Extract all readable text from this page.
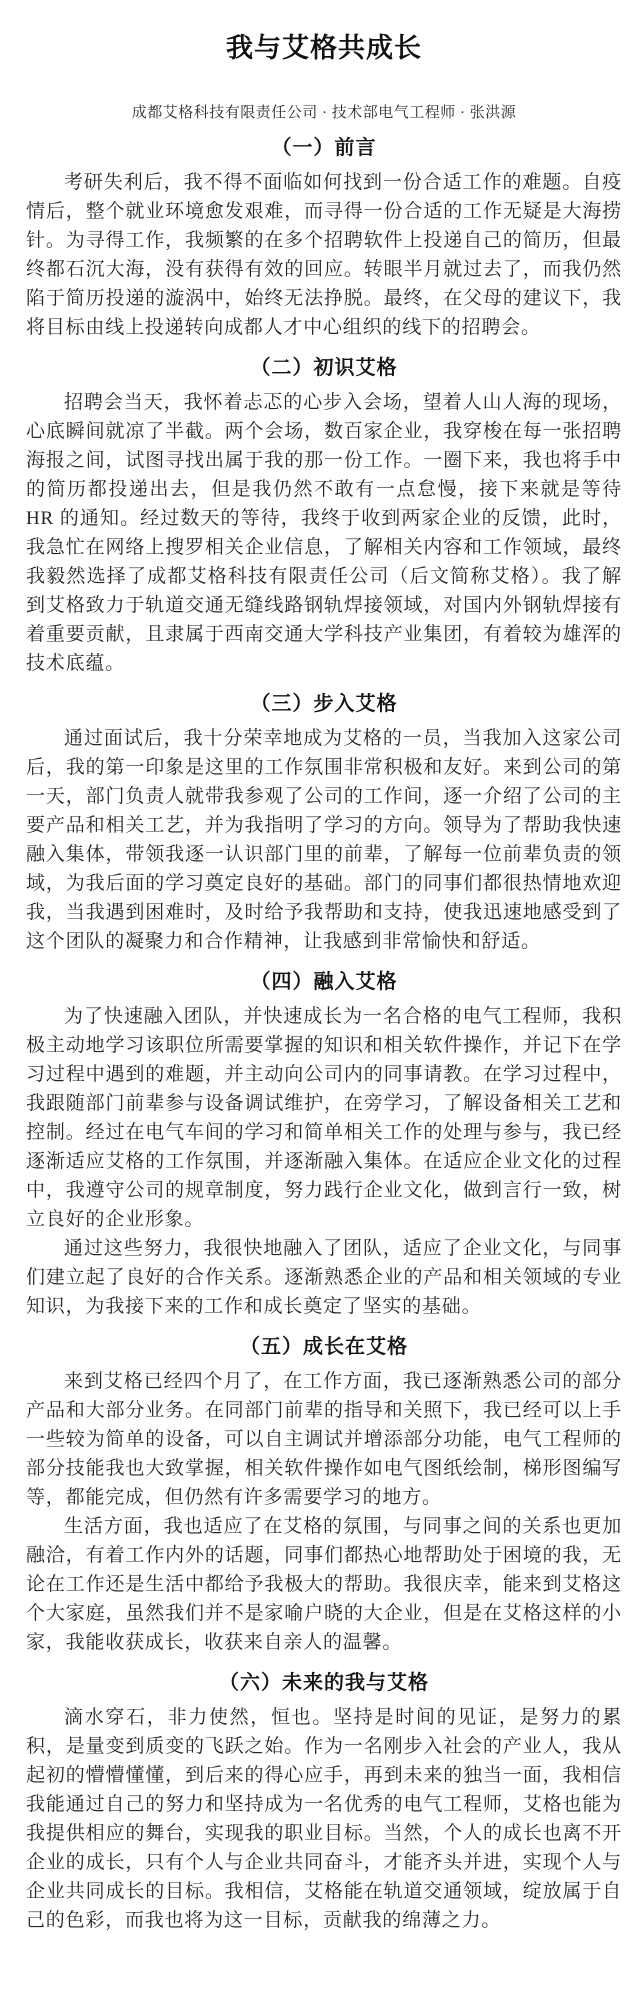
我与艾格共成长
成都艾格科技有限责任公司 · 技术部电气工程师 · 张洪源
（一）前言

考研失利后，我不得不面临如何找到一份合适工作的难题。自疫情后，整个就业环境愈发艰难，而寻得一份合适的工作无疑是大海捞针。为寻得工作，我频繁的在多个招聘软件上投递自己的简历，但最终都石沉大海，没有获得有效的回应。转眼半月就过去了，而我仍然陷于简历投递的漩涡中，始终无法挣脱。最终，在父母的建议下，我将目标由线上投递转向成都人才中心组织的线下的招聘会。

（二）初识艾格

招聘会当天，我怀着忐忑的心步入会场，望着人山人海的现场，心底瞬间就凉了半截。两个会场，数百家企业，我穿梭在每一张招聘海报之间，试图寻找出属于我的那一份工作。一圈下来，我也将手中的简历都投递出去，但是我仍然不敢有一点怠慢，接下来就是等待 HR 的通知。经过数天的等待，我终于收到两家企业的反馈，此时，我急忙在网络上搜罗相关企业信息，了解相关内容和工作领域，最终我毅然选择了成都艾格科技有限责任公司（后文简称艾格）。我了解到艾格致力于轨道交通无缝线路钢轨焊接领域，对国内外钢轨焊接有着重要贡献，且隶属于西南交通大学科技产业集团，有着较为雄浑的技术底蕴。

（三）步入艾格

通过面试后，我十分荣幸地成为艾格的一员，当我加入这家公司后，我的第一印象是这里的工作氛围非常积极和友好。来到公司的第一天，部门负责人就带我参观了公司的工作间，逐一介绍了公司的主要产品和相关工艺，并为我指明了学习的方向。领导为了帮助我快速融入集体，带领我逐一认识部门里的前辈，了解每一位前辈负责的领域，为我后面的学习奠定良好的基础。部门的同事们都很热情地欢迎我，当我遇到困难时，及时给予我帮助和支持，使我迅速地感受到了这个团队的凝聚力和合作精神，让我感到非常愉快和舒适。

（四）融入艾格

为了快速融入团队，并快速成长为一名合格的电气工程师，我积极主动地学习该职位所需要掌握的知识和相关软件操作，并记下在学习过程中遇到的难题，并主动向公司内的同事请教。在学习过程中，我跟随部门前辈参与设备调试维护，在旁学习，了解设备相关工艺和控制。经过在电气车间的学习和简单相关工作的处理与参与，我已经逐渐适应艾格的工作氛围，并逐渐融入集体。在适应企业文化的过程中，我遵守公司的规章制度，努力践行企业文化，做到言行一致，树立良好的企业形象。

通过这些努力，我很快地融入了团队，适应了企业文化，与同事们建立起了良好的合作关系。逐渐熟悉企业的产品和相关领域的专业知识，为我接下来的工作和成长奠定了坚实的基础。

（五）成长在艾格

来到艾格已经四个月了，在工作方面，我已逐渐熟悉公司的部分产品和大部分业务。在同部门前辈的指导和关照下，我已经可以上手一些较为简单的设备，可以自主调试并增添部分功能，电气工程师的部分技能我也大致掌握，相关软件操作如电气图纸绘制，梯形图编写等，都能完成，但仍然有许多需要学习的地方。

生活方面，我也适应了在艾格的氛围，与同事之间的关系也更加融洽，有着工作内外的话题，同事们都热心地帮助处于困境的我，无论在工作还是生活中都给予我极大的帮助。我很庆幸，能来到艾格这个大家庭，虽然我们并不是家喻户晓的大企业，但是在艾格这样的小家，我能收获成长，收获来自亲人的温馨。

（六）未来的我与艾格

滴水穿石，非力使然，恒也。坚持是时间的见证，是努力的累积，是量变到质变的飞跃之始。作为一名刚步入社会的产业人，我从起初的懵懵懂懂，到后来的得心应手，再到未来的独当一面，我相信我能通过自己的努力和坚持成为一名优秀的电气工程师，艾格也能为我提供相应的舞台，实现我的职业目标。当然，个人的成长也离不开企业的成长，只有个人与企业共同奋斗，才能齐头并进，实现个人与企业共同成长的目标。我相信，艾格能在轨道交通领域，绽放属于自己的色彩，而我也将为这一目标，贡献我的绵薄之力。
